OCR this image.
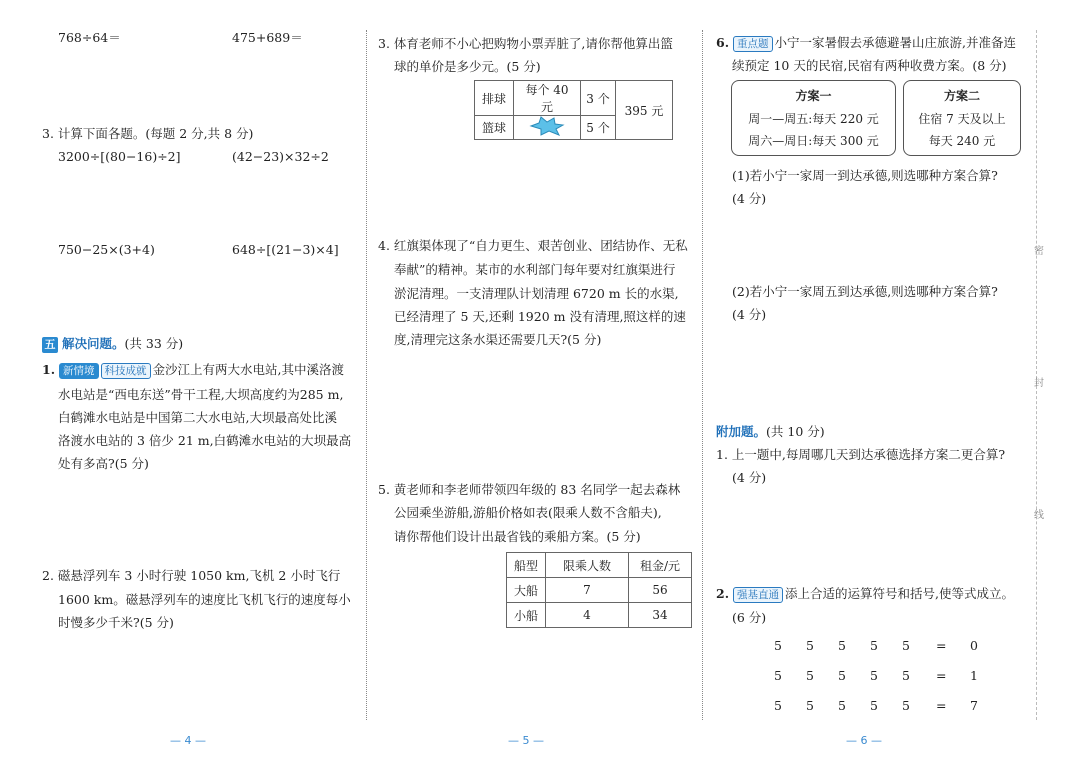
768÷64＝	475+689＝
3. 计算下面各题。(每题 2 分,共 8 分)
3200÷[(80−16)÷2]	(42−23)×32÷2
750−25×(3+4)	648÷[(21−3)×4]
五 解决问题。(共 33 分)
1. 新情境 科技成就 金沙江上有两大水电站,其中溪洛渡
水电站是“西电东送”骨干工程,大坝高度约为285 m,
白鹤滩水电站是中国第二大水电站,大坝最高处比溪
洛渡水电站的 3 倍少 21 m,白鹤滩水电站的大坝最高
处有多高?(5 分)
2. 磁悬浮列车 3 小时行驶 1050 km,飞机 2 小时飞行
1600 km。磁悬浮列车的速度比飞机飞行的速度每小
时慢多少千米?(5 分)
— 4 —
3. 体育老师不小心把购物小票弄脏了,请你帮他算出篮
球的单价是多少元。(5 分)
排球	每个 40 元	3 个	395 元
篮球		5 个	
4. 红旗渠体现了“自力更生、艰苦创业、团结协作、无私
奉献”的精神。某市的水利部门每年要对红旗渠进行
淤泥清理。一支清理队计划清理 6720 m 长的水渠,
已经清理了 5 天,还剩 1920 m 没有清理,照这样的速
度,清理完这条水渠还需要几天?(5 分)
5. 黄老师和李老师带领四年级的 83 名同学一起去森林
公园乘坐游船,游船价格如表(限乘人数不含船夫),
请你帮他们设计出最省钱的乘船方案。(5 分)
船型	限乘人数	租金/元
大船	7	56
小船	4	34
— 5 —
6. 重点题 小宁一家暑假去承德避暑山庄旅游,并准备连
续预定 10 天的民宿,民宿有两种收费方案。(8 分)
方案一
周一—周五:每天 220 元
周六—周日:每天 300 元
方案二
住宿 7 天及以上
每天 240 元
(1)若小宁一家周一到达承德,则选哪种方案合算?
(4 分)
(2)若小宁一家周五到达承德,则选哪种方案合算?
(4 分)
附加题。(共 10 分)
1. 上一题中,每周哪几天到达承德选择方案二更合算?
(4 分)
2. 强基直通 添上合适的运算符号和括号,使等式成立。
(6 分)
5 5 5 5 5 = 0
5 5 5 5 5 = 1
5 5 5 5 5 = 7
— 6 —
密
封
线
